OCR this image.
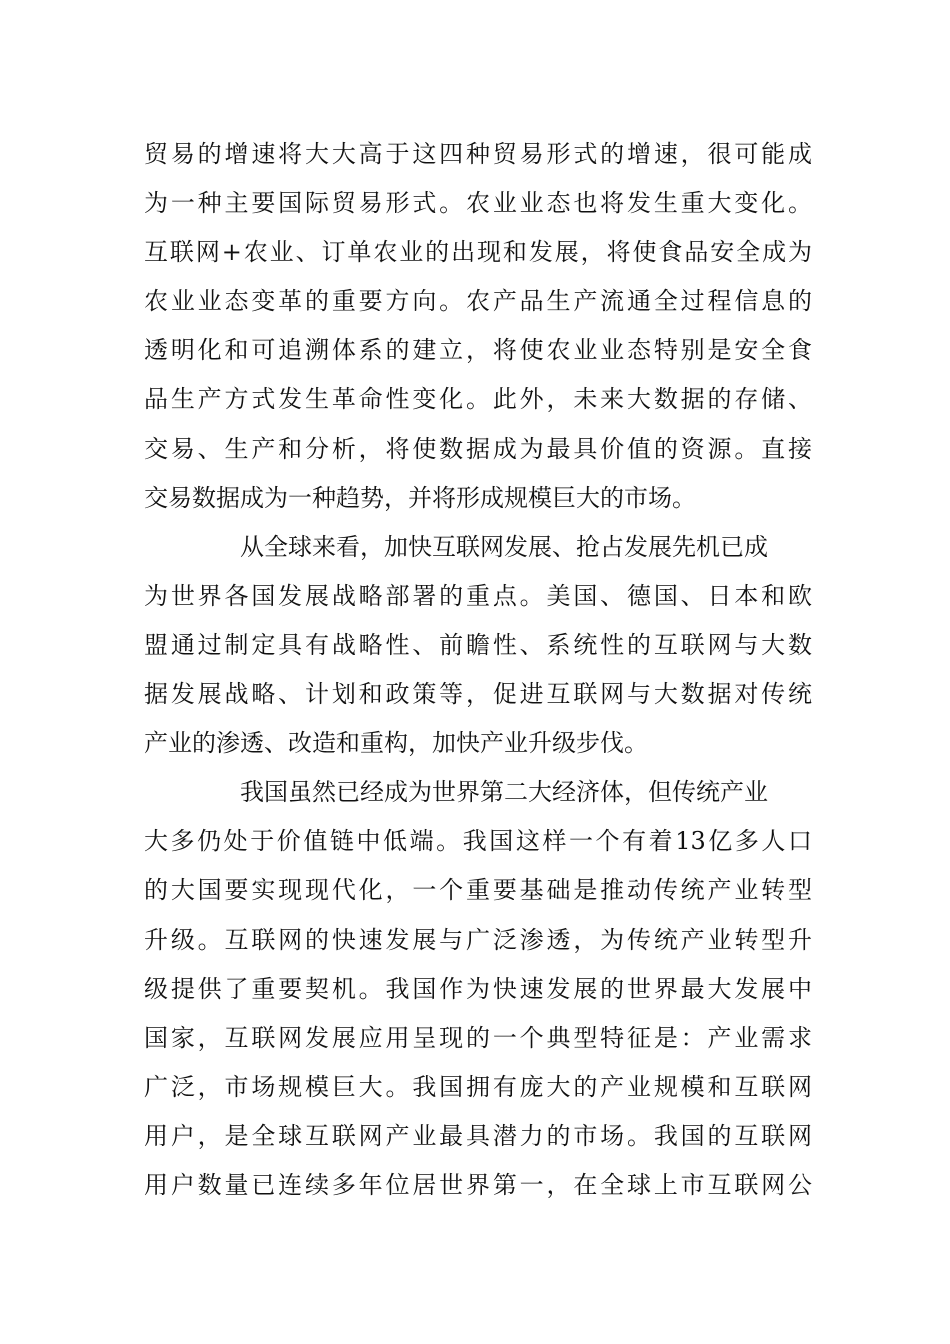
贸易的增速将大大高于这四种贸易形式的增速，很可能成
为一种主要国际贸易形式。农业业态也将发生重大变化。
互联网+农业、订单农业的出现和发展，将使食品安全成为
农业业态变革的重要方向。农产品生产流通全过程信息的
透明化和可追溯体系的建立，将使农业业态特别是安全食
品生产方式发生革命性变化。此外，未来大数据的存储、
交易、生产和分析，将使数据成为最具价值的资源。直接
交易数据成为一种趋势，并将形成规模巨大的市场。
从全球来看，加快互联网发展、抢占发展先机已成
为世界各国发展战略部署的重点。美国、德国、日本和欧
盟通过制定具有战略性、前瞻性、系统性的互联网与大数
据发展战略、计划和政策等，促进互联网与大数据对传统
产业的渗透、改造和重构，加快产业升级步伐。
我国虽然已经成为世界第二大经济体，但传统产业
大多仍处于价值链中低端。我国这样一个有着13亿多人口
的大国要实现现代化，一个重要基础是推动传统产业转型
升级。互联网的快速发展与广泛渗透，为传统产业转型升
级提供了重要契机。我国作为快速发展的世界最大发展中
国家，互联网发展应用呈现的一个典型特征是：产业需求
广泛，市场规模巨大。我国拥有庞大的产业规模和互联网
用户，是全球互联网产业最具潜力的市场。我国的互联网
用户数量已连续多年位居世界第一，在全球上市互联网公
